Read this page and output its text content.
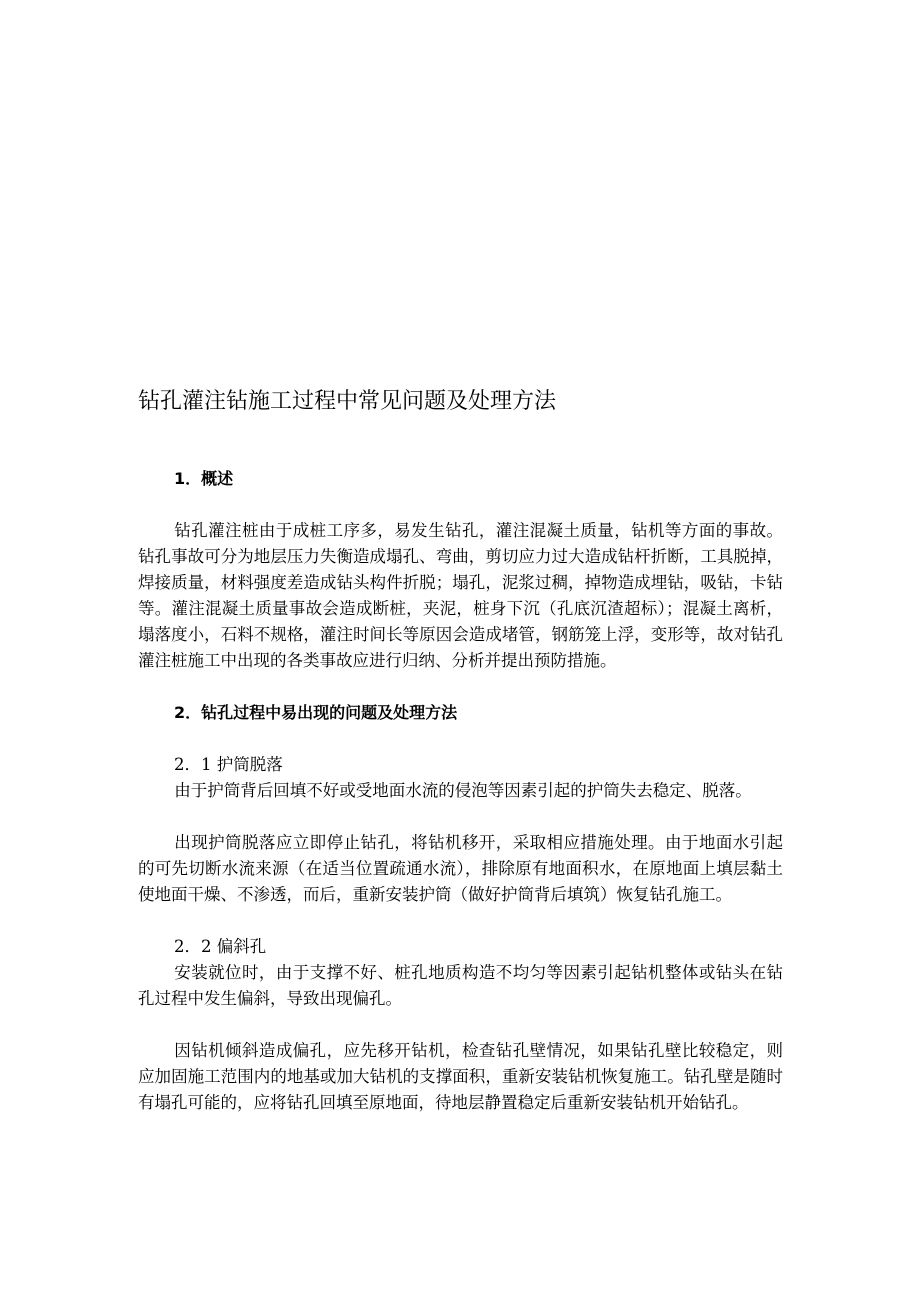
钻孔灌注钻施工过程中常见问题及处理方法
1．概述

钻孔灌注桩由于成桩工序多，易发生钻孔，灌注混凝土质量，钻机等方面的事故。钻孔事故可分为地层压力失衡造成塌孔、弯曲，剪切应力过大造成钻杆折断，工具脱掉，焊接质量，材料强度差造成钻头构件折脱；塌孔，泥浆过稠，掉物造成埋钻，吸钻，卡钻等。灌注混凝土质量事故会造成断桩，夹泥，桩身下沉（孔底沉渣超标）；混凝土离析，塌落度小，石料不规格，灌注时间长等原因会造成堵管，钢筋笼上浮，变形等，故对钻孔灌注桩施工中出现的各类事故应进行归纳、分析并提出预防措施。

2．钻孔过程中易出现的问题及处理方法
2．1 护筒脱落

由于护筒背后回填不好或受地面水流的侵泡等因素引起的护筒失去稳定、脱落。

出现护筒脱落应立即停止钻孔，将钻机移开，采取相应措施处理。由于地面水引起的可先切断水流来源（在适当位置疏通水流），排除原有地面积水，在原地面上填层黏土使地面干燥、不渗透，而后，重新安装护筒（做好护筒背后填筑）恢复钻孔施工。

2．2 偏斜孔

安装就位时，由于支撑不好、桩孔地质构造不均匀等因素引起钻机整体或钻头在钻孔过程中发生偏斜，导致出现偏孔。

因钻机倾斜造成偏孔，应先移开钻机，检查钻孔壁情况，如果钻孔壁比较稳定，则应加固施工范围内的地基或加大钻机的支撑面积，重新安装钻机恢复施工。钻孔壁是随时有塌孔可能的，应将钻孔回填至原地面，待地层静置稳定后重新安装钻机开始钻孔。
